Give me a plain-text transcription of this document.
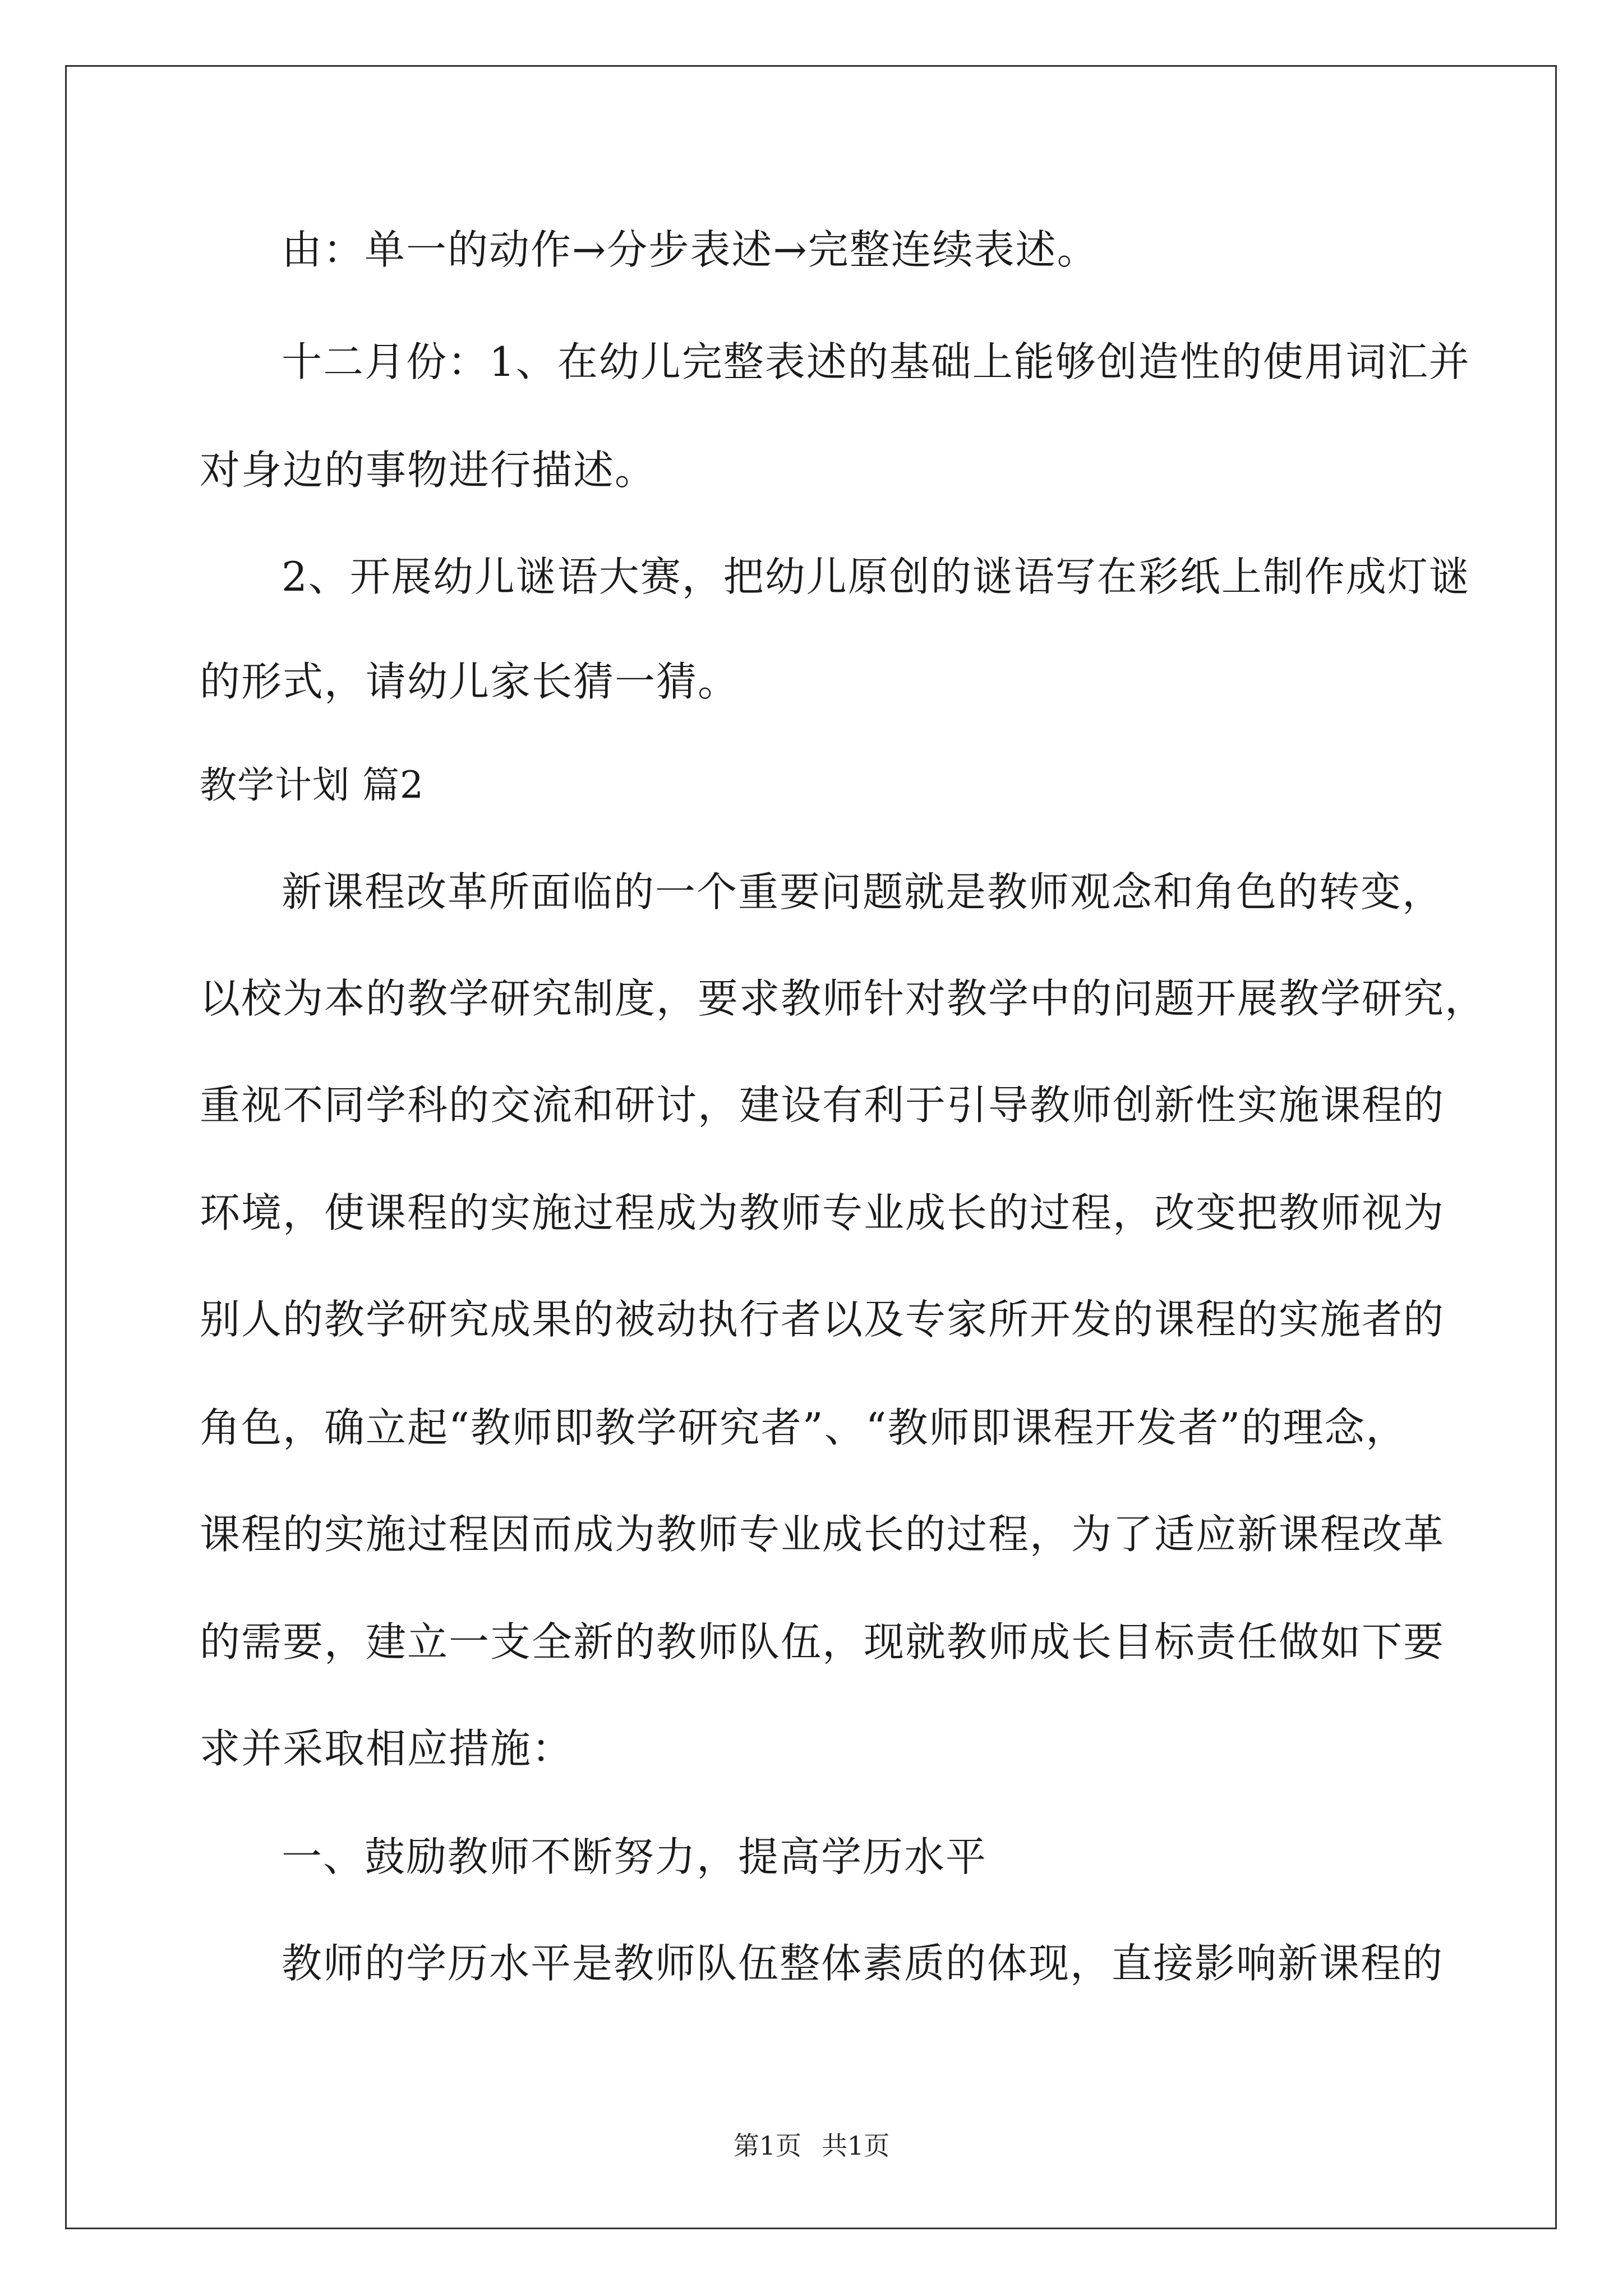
由：单一的动作→分步表述→完整连续表述。
十二月份：1、在幼儿完整表述的基础上能够创造性的使用词汇并
对身边的事物进行描述。
2、开展幼儿谜语大赛，把幼儿原创的谜语写在彩纸上制作成灯谜
的形式，请幼儿家长猜一猜。
教学计划 篇2
新课程改革所面临的一个重要问题就是教师观念和角色的转变，
以校为本的教学研究制度，要求教师针对教学中的问题开展教学研究，
重视不同学科的交流和研讨，建设有利于引导教师创新性实施课程的
环境，使课程的实施过程成为教师专业成长的过程，改变把教师视为
别人的教学研究成果的被动执行者以及专家所开发的课程的实施者的
角色，确立起“教师即教学研究者”、“教师即课程开发者”的理念，
课程的实施过程因而成为教师专业成长的过程，为了适应新课程改革
的需要，建立一支全新的教师队伍，现就教师成长目标责任做如下要
求并采取相应措施：
一、鼓励教师不断努力，提高学历水平
教师的学历水平是教师队伍整体素质的体现，直接影响新课程的
第1页 共1页
